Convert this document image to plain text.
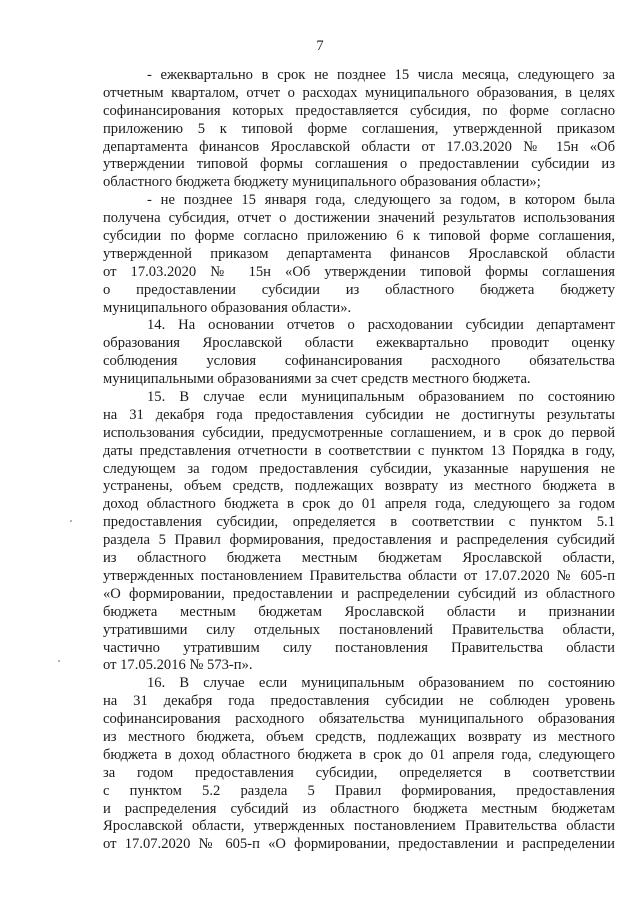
7
- ежеквартально в срок не позднее 15 числа месяца, следующего за
отчетным кварталом, отчет о расходах муниципального образования, в целях
софинансирования которых предоставляется субсидия, по форме согласно
приложению 5 к типовой форме соглашения, утвержденной приказом
департамента финансов Ярославской области от 17.03.2020 № 15н «Об
утверждении типовой формы соглашения о предоставлении субсидии из
областного бюджета бюджету муниципального образования области»;
- не позднее 15 января года, следующего за годом, в котором была
получена субсидия, отчет о достижении значений результатов использования
субсидии по форме согласно приложению 6 к типовой форме соглашения,
утвержденной приказом департамента финансов Ярославской области
от 17.03.2020 № 15н «Об утверждении типовой формы соглашения
о предоставлении субсидии из областного бюджета бюджету
муниципального образования области».
14. На основании отчетов о расходовании субсидии департамент
образования Ярославской области ежеквартально проводит оценку
соблюдения условия софинансирования расходного обязательства
муниципальными образованиями за счет средств местного бюджета.
15. В случае если муниципальным образованием по состоянию
на 31 декабря года предоставления субсидии не достигнуты результаты
использования субсидии, предусмотренные соглашением, и в срок до первой
даты представления отчетности в соответствии с пунктом 13 Порядка в году,
следующем за годом предоставления субсидии, указанные нарушения не
устранены, объем средств, подлежащих возврату из местного бюджета в
доход областного бюджета в срок до 01 апреля года, следующего за годом
предоставления субсидии, определяется в соответствии с пунктом 5.1
раздела 5 Правил формирования, предоставления и распределения субсидий
из областного бюджета местным бюджетам Ярославской области,
утвержденных постановлением Правительства области от 17.07.2020 № 605-п
«О формировании, предоставлении и распределении субсидий из областного
бюджета местным бюджетам Ярославской области и признании
утратившими силу отдельных постановлений Правительства области,
частично утратившим силу постановления Правительства области
от 17.05.2016 № 573-п».
16. В случае если муниципальным образованием по состоянию
на 31 декабря года предоставления субсидии не соблюден уровень
софинансирования расходного обязательства муниципального образования
из местного бюджета, объем средств, подлежащих возврату из местного
бюджета в доход областного бюджета в срок до 01 апреля года, следующего
за годом предоставления субсидии, определяется в соответствии
с пунктом 5.2 раздела 5 Правил формирования, предоставления
и распределения субсидий из областного бюджета местным бюджетам
Ярославской области, утвержденных постановлением Правительства области
от 17.07.2020 № 605-п «О формировании, предоставлении и распределении
